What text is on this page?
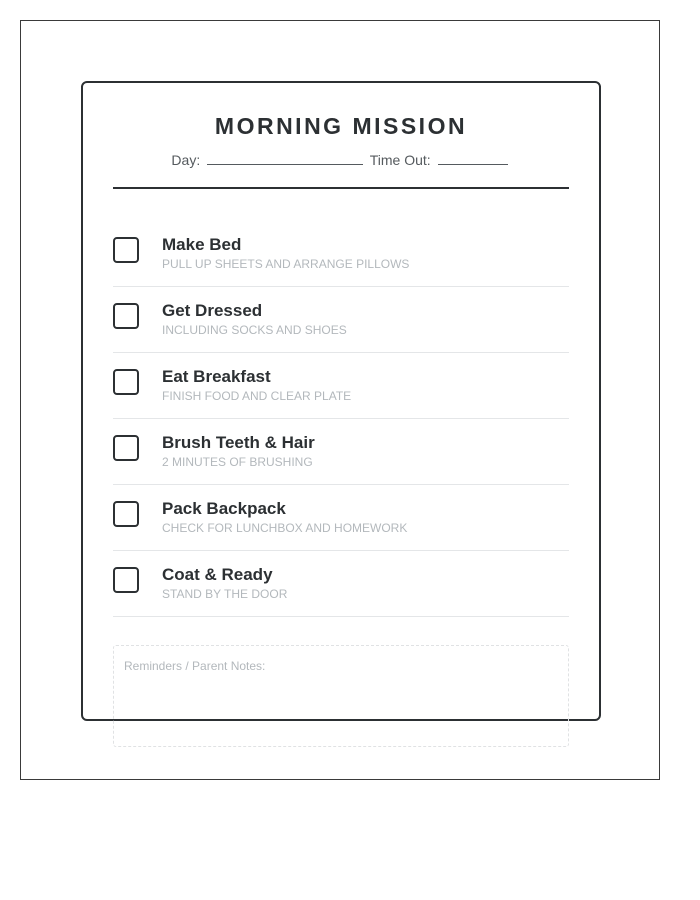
MORNING MISSION
Day:	Time Out:
Make Bed
PULL UP SHEETS AND ARRANGE PILLOWS
Get Dressed
INCLUDING SOCKS AND SHOES
Eat Breakfast
FINISH FOOD AND CLEAR PLATE
Brush Teeth & Hair
2 MINUTES OF BRUSHING
Pack Backpack
CHECK FOR LUNCHBOX AND HOMEWORK
Coat & Ready
STAND BY THE DOOR
Reminders / Parent Notes:
